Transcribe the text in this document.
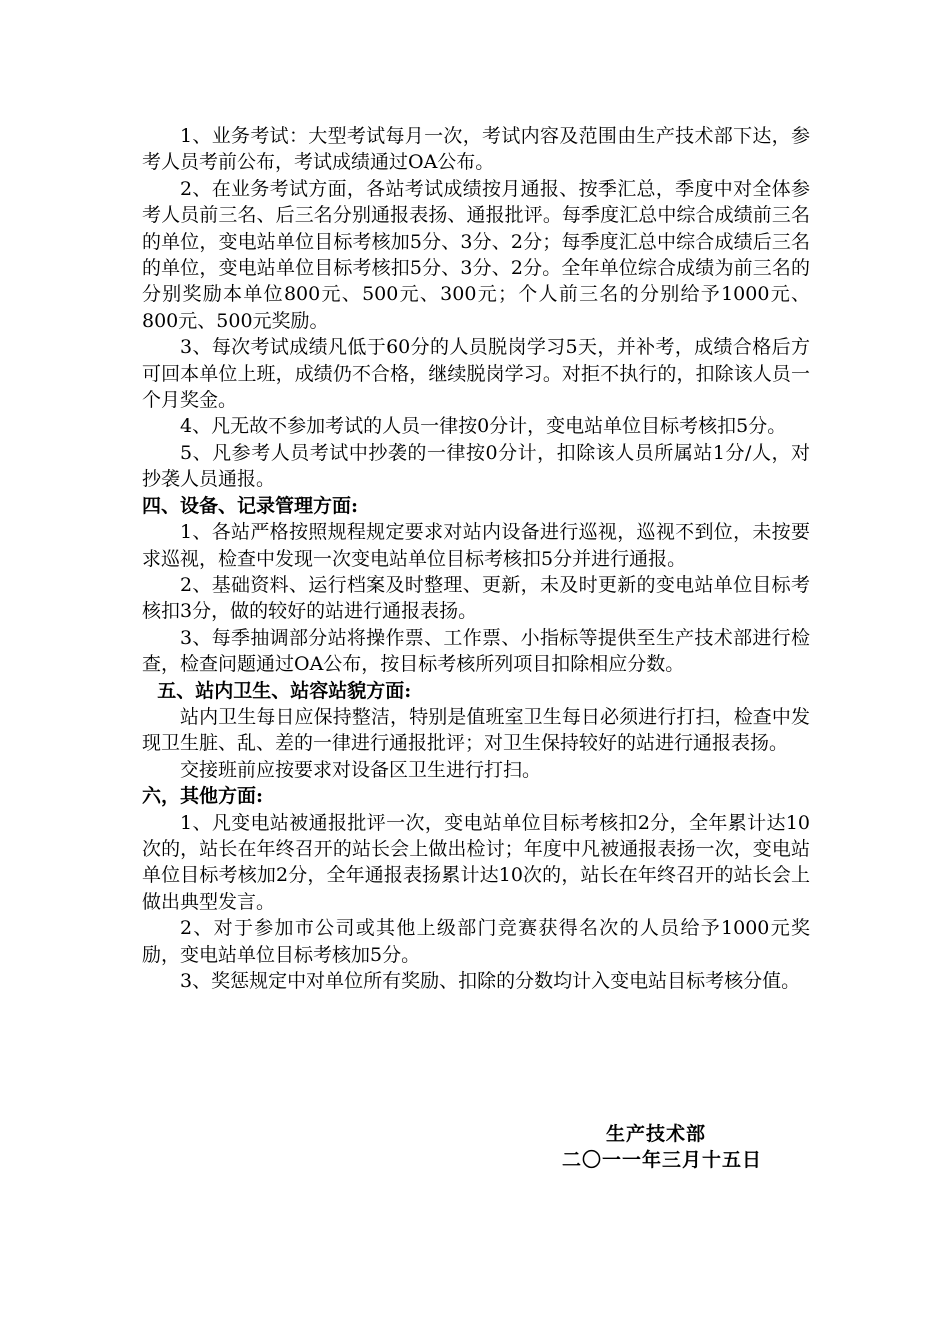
1、业务考试：大型考试每月一次，考试内容及范围由生产技术部下达，参考人员考前公布，考试成绩通过OA公布。

2、在业务考试方面，各站考试成绩按月通报、按季汇总，季度中对全体参考人员前三名、后三名分别通报表扬、通报批评。每季度汇总中综合成绩前三名的单位，变电站单位目标考核加5分、3分、2分；每季度汇总中综合成绩后三名的单位，变电站单位目标考核扣5分、3分、2分。全年单位综合成绩为前三名的分别奖励本单位800元、500元、300元；个人前三名的分别给予1000元、800元、500元奖励。

3、每次考试成绩凡低于60分的人员脱岗学习5天，并补考，成绩合格后方可回本单位上班，成绩仍不合格，继续脱岗学习。对拒不执行的，扣除该人员一个月奖金。

4、凡无故不参加考试的人员一律按0分计，变电站单位目标考核扣5分。

5、凡参考人员考试中抄袭的一律按0分计，扣除该人员所属站1分/人，对抄袭人员通报。

四、设备、记录管理方面:

1、各站严格按照规程规定要求对站内设备进行巡视，巡视不到位，未按要求巡视，检查中发现一次变电站单位目标考核扣5分并进行通报。

2、基础资料、运行档案及时整理、更新，未及时更新的变电站单位目标考核扣3分，做的较好的站进行通报表扬。

3、每季抽调部分站将操作票、工作票、小指标等提供至生产技术部进行检查，检查问题通过OA公布，按目标考核所列项目扣除相应分数。

五、站内卫生、站容站貌方面:

站内卫生每日应保持整洁，特别是值班室卫生每日必须进行打扫，检查中发现卫生脏、乱、差的一律进行通报批评；对卫生保持较好的站进行通报表扬。

交接班前应按要求对设备区卫生进行打扫。

六，其他方面:

1、凡变电站被通报批评一次，变电站单位目标考核扣2分，全年累计达10次的，站长在年终召开的站长会上做出检讨；年度中凡被通报表扬一次，变电站单位目标考核加2分，全年通报表扬累计达10次的，站长在年终召开的站长会上做出典型发言。

2、对于参加市公司或其他上级部门竞赛获得名次的人员给予1000元奖励，变电站单位目标考核加5分。

3、奖惩规定中对单位所有奖励、扣除的分数均计入变电站目标考核分值。

生产技术部
二〇一一年三月十五日
